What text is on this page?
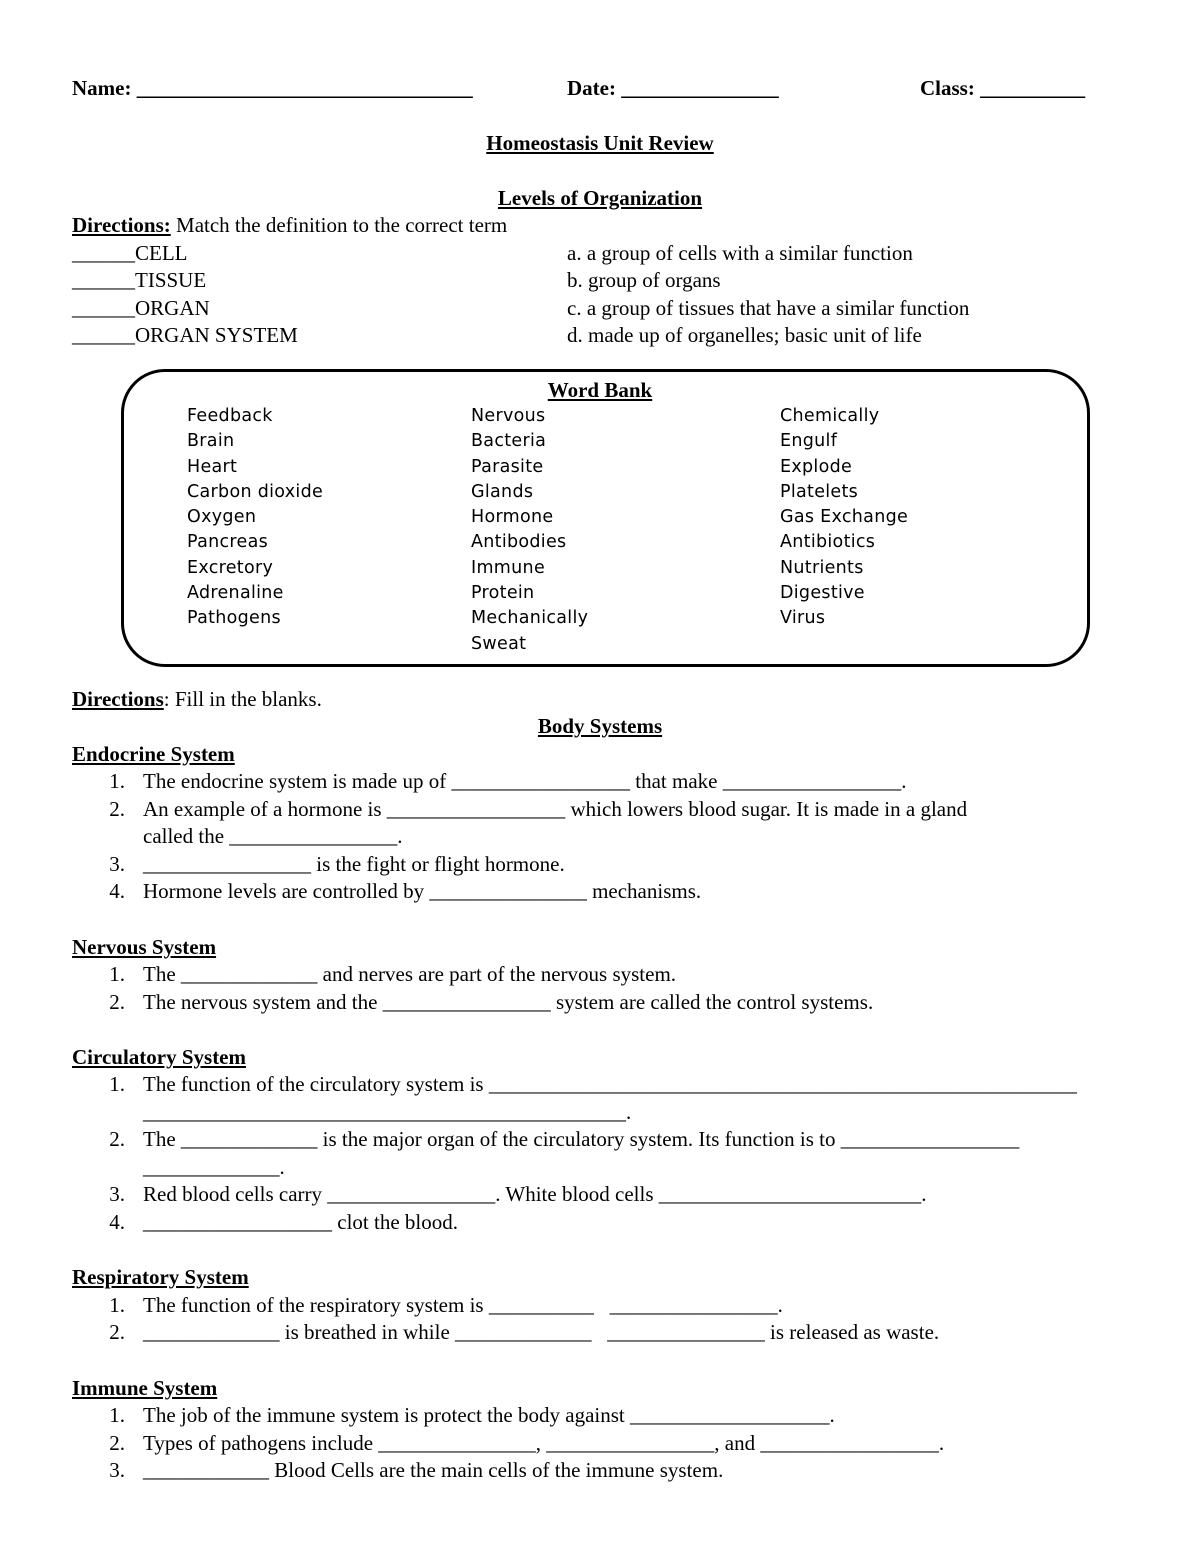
Name: ________________________________	Date: _______________	Class: __________
Homeostasis Unit Review
Levels of Organization
Directions: Match the definition to the correct term
______CELL
______TISSUE
______ORGAN
______ORGAN SYSTEM
a. a group of cells with a similar function
b. group of organs
c. a group of tissues that have a similar function
d. made up of organelles; basic unit of life
Word Bank
Feedback
Brain
Heart
Carbon dioxide
Oxygen
Pancreas
Excretory
Adrenaline
Pathogens
Nervous
Bacteria
Parasite
Glands
Hormone
Antibodies
Immune
Protein
Mechanically
Sweat
Chemically
Engulf
Explode
Platelets
Gas Exchange
Antibiotics
Nutrients
Digestive
Virus
Directions: Fill in the blanks.
Body Systems
Endocrine System
1. The endocrine system is made up of _________________ that make _________________.
2. An example of a hormone is _________________ which lowers blood sugar. It is made in a gland
called the ________________.
3. ________________ is the fight or flight hormone.
4. Hormone levels are controlled by _______________ mechanisms.
Nervous System
1. The _____________ and nerves are part of the nervous system.
2. The nervous system and the ________________ system are called the control systems.
Circulatory System
1. The function of the circulatory system is ________________________________________________________
______________________________________________.
2. The _____________ is the major organ of the circulatory system. Its function is to _________________
_____________.
3. Red blood cells carry ________________. White blood cells _________________________.
4. __________________ clot the blood.
Respiratory System
1. The function of the respiratory system is __________   ________________.
2. _____________ is breathed in while _____________   _______________ is released as waste.
Immune System
1. The job of the immune system is protect the body against ___________________.
2. Types of pathogens include _______________, ________________, and _________________.
3. ____________ Blood Cells are the main cells of the immune system.
